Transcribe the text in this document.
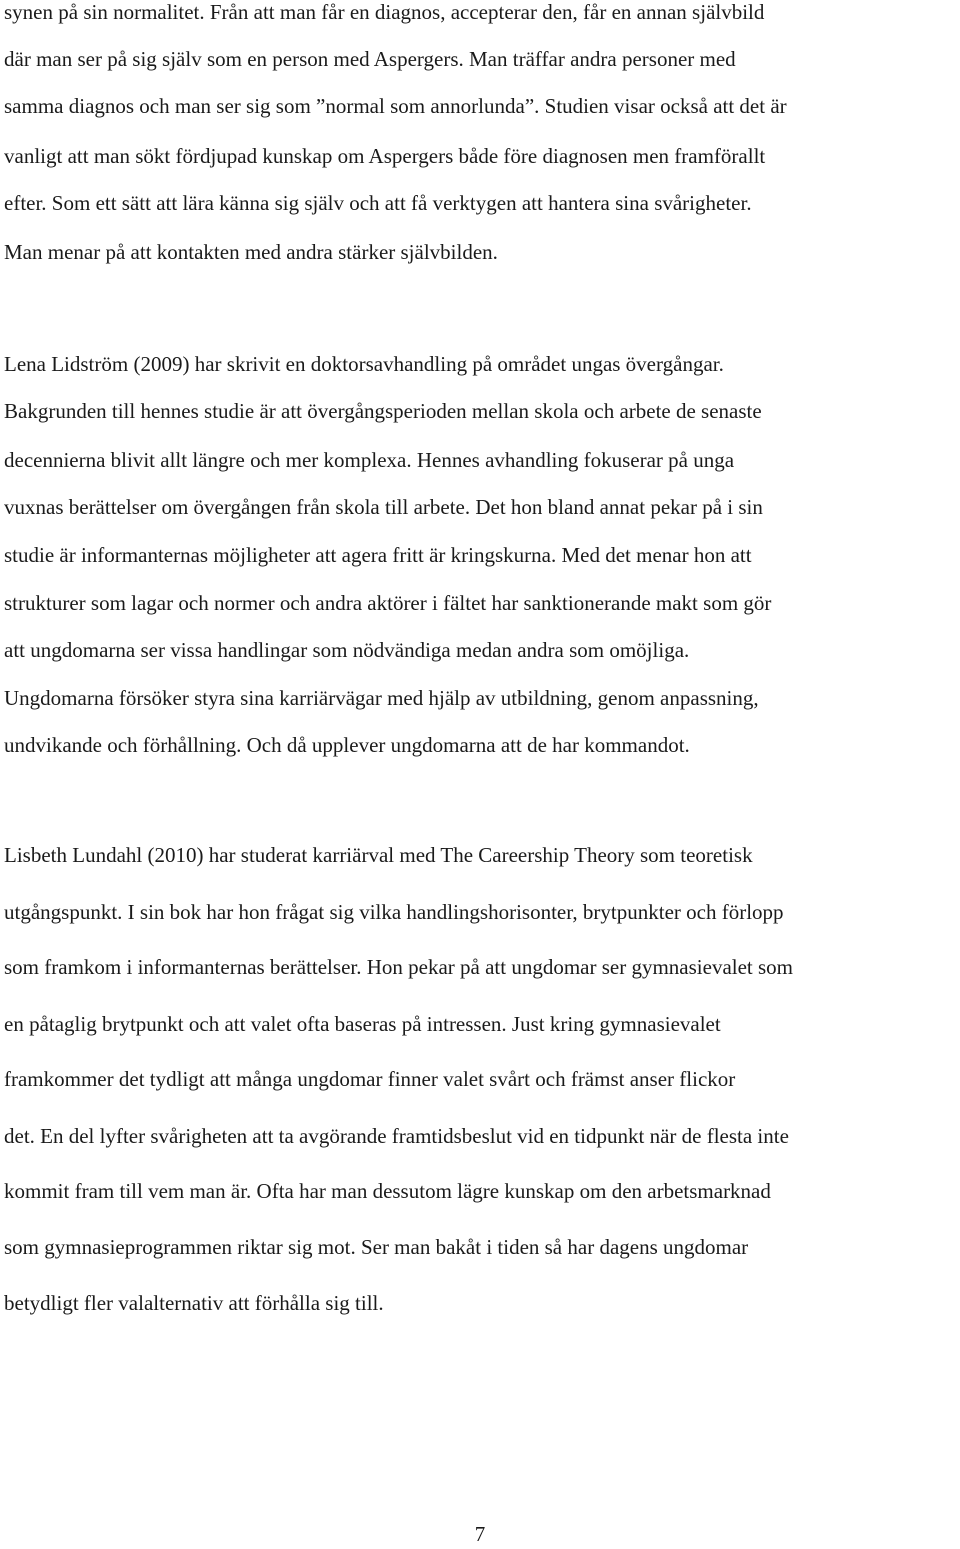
synen på sin normalitet. Från att man får en diagnos, accepterar den, får en annan självbild
där man ser på sig själv som en person med Aspergers. Man träffar andra personer med
samma diagnos och man ser sig som ”normal som annorlunda”. Studien visar också att det är
vanligt att man sökt fördjupad kunskap om Aspergers både före diagnosen men framförallt
efter. Som ett sätt att lära känna sig själv och att få verktygen att hantera sina svårigheter.
Man menar på att kontakten med andra stärker självbilden.
Lena Lidström (2009) har skrivit en doktorsavhandling på området ungas övergångar.
Bakgrunden till hennes studie är att övergångsperioden mellan skola och arbete de senaste
decennierna blivit allt längre och mer komplexa. Hennes avhandling fokuserar på unga
vuxnas berättelser om övergången från skola till arbete. Det hon bland annat pekar på i sin
studie är informanternas möjligheter att agera fritt är kringskurna. Med det menar hon att
strukturer som lagar och normer och andra aktörer i fältet har sanktionerande makt som gör
att ungdomarna ser vissa handlingar som nödvändiga medan andra som omöjliga.
Ungdomarna försöker styra sina karriärvägar med hjälp av utbildning, genom anpassning,
undvikande och förhållning. Och då upplever ungdomarna att de har kommandot.
Lisbeth Lundahl (2010) har studerat karriärval med The Careership Theory som teoretisk
utgångspunkt. I sin bok har hon frågat sig vilka handlingshorisonter, brytpunkter och förlopp
som framkom i informanternas berättelser. Hon pekar på att ungdomar ser gymnasievalet som
en påtaglig brytpunkt och att valet ofta baseras på intressen. Just kring gymnasievalet
framkommer det tydligt att många ungdomar finner valet svårt och främst anser flickor
det. En del lyfter svårigheten att ta avgörande framtidsbeslut vid en tidpunkt när de flesta inte
kommit fram till vem man är. Ofta har man dessutom lägre kunskap om den arbetsmarknad
som gymnasieprogrammen riktar sig mot. Ser man bakåt i tiden så har dagens ungdomar
betydligt fler valalternativ att förhålla sig till.
7
